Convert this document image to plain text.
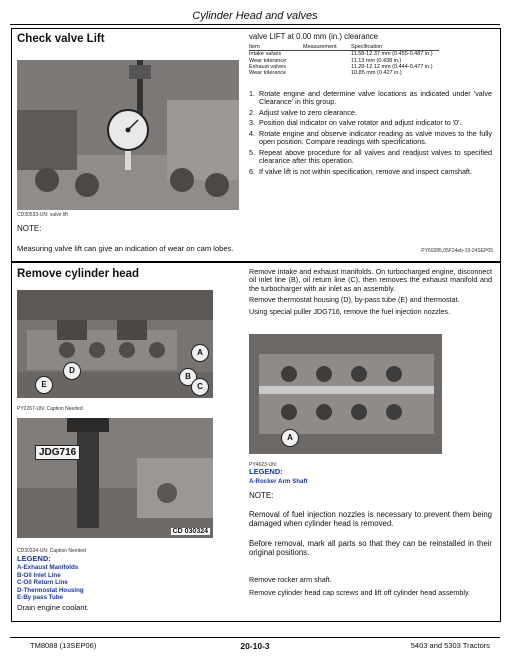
Cylinder Head and valves
Check valve Lift
CD30533-UN: valve lift
NOTE:
Measuring valve lift can give an indication of wear on cam lobes.
valve LIFT at 0.00 mm (in.) clearance
Item	Measurement	Specification
Intake valves		11.58-12.37 mm (0.455-0.487 in.)
Wear tolerance		11.13 mm (0.438 in.)
Exhaust valves		11.28-12.12 mm (0.444-0.477 in.)
Wear tolerance		10.85 mm (0.427 in.)
1. Rotate engine and determine valve locations as indicated under 'valve Clearance' in this group.
2. Adjust valve to zero clearance.
3. Position dial indicator on valve rotator and adjust indicator to '0'.
4. Rotate engine and observe indicator reading as valve moves to the fully open position. Compare readings with specifications.
5. Repeat above procedure for all valves and readjust valves to specified clearance after this operation.
6. If valve lift is not within specification, remove and inspect camshaft.
PY60285,05F24eb-19-24SEP05
Remove cylinder head
A
B
C
D
E
PY2267-UN: Caption Needed
JDG716
CD 030324
CD30324-UN: Caption Needed
LEGEND:
A-Exhaust Manifolds
B-Oil Inlet Line
C-Oil Return Line
D-Thermostat Housing
E-By pass Tube
Drain engine coolant.
Remove intake and exhaust manifolds. On turbocharged engine, disconnect oil inlet line (B), oil return line (C), then removes the exhaust manifold and the turbocharger with air inlet as an assembly.
Remove thermostat housing (D), by-pass tube (E) and thermostat.
Using special puller JDG716, remove the fuel injection nozzles.
A
PY4623-UN:
LEGEND:
A-Rocker Arm Shaft
NOTE:
Removal of fuel injection nozzles is necessary to prevent them being damaged when cylinder head is removed.
Before removal, mark all parts so that they can be reinstalled in their original positions.
Remove rocker arm shaft.
Remove cylinder head cap screws and lift off cylinder head assembly.
TM8088 (13SEP06)	20-10-3	5403 and 5303 Tractors
